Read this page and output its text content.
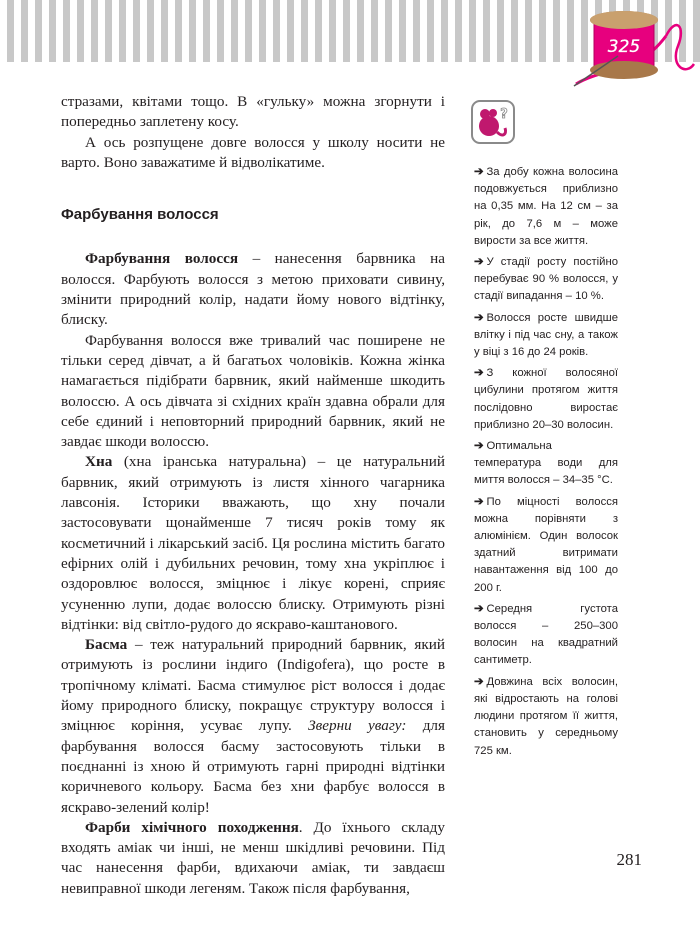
325

стразами, квітами тощо. В «гульку» можна згорнути і попередньо заплетену косу.

А ось розпущене довге волосся у школу носити не варто. Воно заважатиме й відволікатиме.

Фарбування волосся

Фарбування волосся – нанесення барвника на волосся. Фарбують волосся з метою приховати сивину, змінити природний колір, надати йому нового відтінку, блиску.

Фарбування волосся вже тривалий час поширене не тільки серед дівчат, а й багатьох чоловіків. Кожна жінка намагається підібрати барвник, який найменше шкодить волоссю. А ось дівчата зі східних країн здавна обрали для себе єдиний і неповторний природний барвник, який не завдає шкоди волоссю.

Хна (хна іранська натуральна) – це натуральний барвник, який отримують із листя хінного чагарника лавсонія. Історики вважають, що хну почали застосовувати щонайменше 7 тисяч років тому як косметичний і лікарський засіб. Ця рослина містить багато ефірних олій і дубильних речовин, тому хна укріплює і оздоровлює волосся, зміцнює і лікує корені, сприяє усуненню лупи, додає волоссю блиску. Отримують різні відтінки: від світло-рудого до яскраво-каштанового.

Басма – теж натуральний природний барвник, який отримують із рослини індиго (Indigofera), що росте в тропічному кліматі. Басма стимулює ріст волосся і додає йому природного блиску, покращує структуру волосся і зміцнює коріння, усуває лупу. Зверни увагу: для фарбування волосся басму застосовують тільки в поєднанні із хною й отримують гарні природні відтінки коричневого кольору. Басма без хни фарбує волосся в яскраво-зелений колір!

Фарби хімічного походження. До їхнього складу входять аміак чи інші, не менш шкідливі речовини. Під час нанесення фарби, вдихаючи аміак, ти завдаєш невиправної шкоди легеням. Також після фарбування,

?

➔ За добу кожна волосина подовжується приблизно на 0,35 мм. На 12 см – за рік, до 7,6 м – може вирости за все життя.

➔ У стадії росту постійно перебуває 90 % волосся, у стадії випадання – 10 %.

➔ Волосся росте швидше влітку і під час сну, а також у віці з 16 до 24 років.

➔ З кожної волосяної цибулини протягом життя послідовно виростає приблизно 20–30 волосин.

➔ Оптимальна температура води для миття волосся – 34–35 °С.

➔ По міцності волосся можна порівняти з алюмінієм. Один волосок здатний витримати навантаження від 100 до 200 г.

➔ Середня густота волосся – 250–300 волосин на квадратний сантиметр.

➔ Довжина всіх волосин, які відростають на голові людини протягом її життя, становить у середньому 725 км.

281
